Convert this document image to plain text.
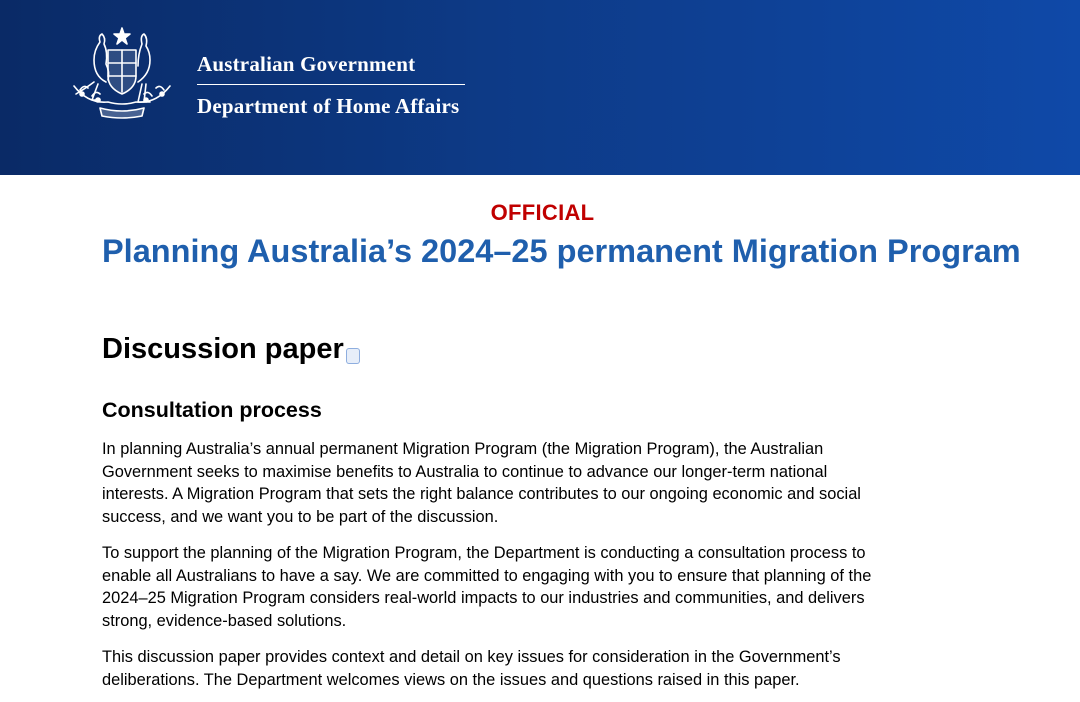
Australian Government
Department of Home Affairs
OFFICIAL
Planning Australia’s 2024–25 permanent Migration Program
Discussion paper
Consultation process

In planning Australia’s annual permanent Migration Program (the Migration Program), the Australian
Government seeks to maximise benefits to Australia to continue to advance our longer-term national
interests. A Migration Program that sets the right balance contributes to our ongoing economic and social
success, and we want you to be part of the discussion.

To support the planning of the Migration Program, the Department is conducting a consultation process to
enable all Australians to have a say. We are committed to engaging with you to ensure that planning of the
2024–25 Migration Program considers real-world impacts to our industries and communities, and delivers
strong, evidence-based solutions.

This discussion paper provides context and detail on key issues for consideration in the Government’s
deliberations. The Department welcomes views on the issues and questions raised in this paper.
